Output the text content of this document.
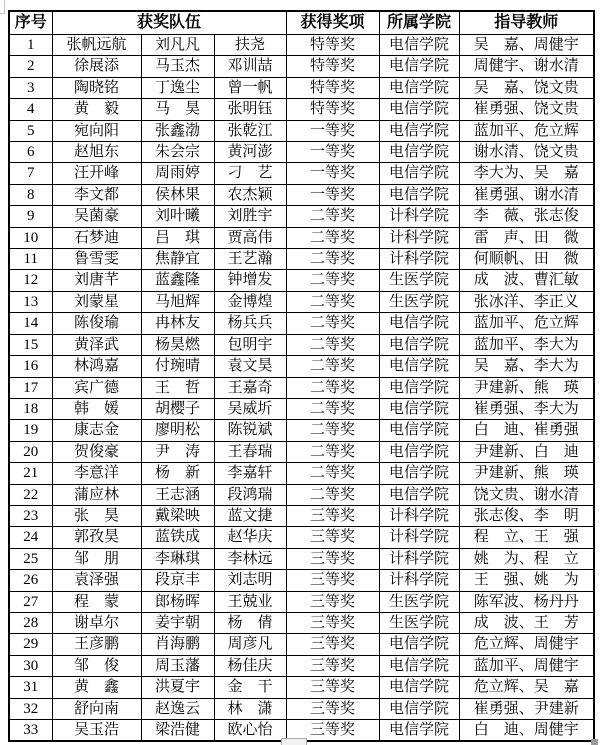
序号	获奖队伍			获得奖项	所属学院	指导教师
1	张帆远航	刘凡凡	扶尧	特等奖	电信学院	吴　嘉、周健宇
2	徐展添	马玉杰	邓训喆	特等奖	电信学院	周健宇、谢水清
3	陶晓铭	丁逸尘	曾一帆	特等奖	电信学院	吴　嘉、饶文贵
4	黄　毅	马　昊	张明钰	特等奖	电信学院	崔勇强、饶文贵
5	宛向阳	张鑫渤	张乾江	一等奖	电信学院	蓝加平、危立辉
6	赵旭东	朱会宗	黄河澎	一等奖	电信学院	谢水清、饶文贵
7	汪开峰	周雨婷	刁　艺	一等奖	电信学院	李大为、吴　嘉
8	李文都	侯林果	农杰颖	一等奖	电信学院	崔勇强、谢水清
9	吴菌豪	刘叶曦	刘胜宇	二等奖	计科学院	李　薇、张志俊
10	石梦迪	吕　琪	贾高伟	二等奖	计科学院	雷　声、田　微
11	鲁雪雯	焦静宜	王艺瀚	二等奖	计科学院	何顺帆、田　微
12	刘唐芊	蓝鑫隆	钟增发	二等奖	生医学院	成　波、曹汇敏
13	刘蒙星	马旭辉	金博煌	二等奖	生医学院	张冰洋、李正义
14	陈俊瑜	冉林友	杨兵兵	二等奖	电信学院	蓝加平、危立辉
15	黄泽武	杨昊燃	包明宇	二等奖	电信学院	蓝加平、李大为
16	林鸿嘉	付琬晴	袁文昊	二等奖	电信学院	吴　嘉、李大为
17	宾广德	王　哲	王嘉奇	二等奖	电信学院	尹建新、熊　瑛
18	韩　媛	胡樱子	吴威圻	二等奖	电信学院	崔勇强、李大为
19	康志金	廖明松	陈锐斌	二等奖	电信学院	白　迪、崔勇强
20	贺俊豪	尹　涛	王春瑞	二等奖	电信学院	尹建新、白　迪
21	李意洋	杨　新	李嘉轩	二等奖	电信学院	尹建新、熊　瑛
22	蒲应林	王志涵	段鸿瑞	二等奖	电信学院	饶文贵、谢水清
23	张　昊	戴梁映	蓝文捷	三等奖	计科学院	张志俊、李　明
24	郭孜昊	蓝铁成	赵华庆	三等奖	计科学院	程　立、王　强
25	邹　朋	李琳琪	李林远	三等奖	计科学院	姚　为、程　立
26	袁泽强	段京丰	刘志明	三等奖	计科学院	王　强、姚　为
27	程　蒙	郎杨晖	王兢业	三等奖	生医学院	陈军波、杨丹丹
28	谢卓尔	姜宇朝	杨　倩	三等奖	生医学院	成　波、王　芳
29	王彦鹏	肖海鹏	周彦凡	三等奖	电信学院	危立辉、周健宇
30	邹　俊	周玉藩	杨佳庆	三等奖	电信学院	蓝加平、周健宇
31	黄　鑫	洪夏宇	金　干	三等奖	电信学院	危立辉、吴　嘉
32	舒向南	赵逸云	林　潇	三等奖	电信学院	崔勇强、尹建新
33	吴玉浩	梁浩健	欧心怡	三等奖	电信学院	白　迪、周健宇
